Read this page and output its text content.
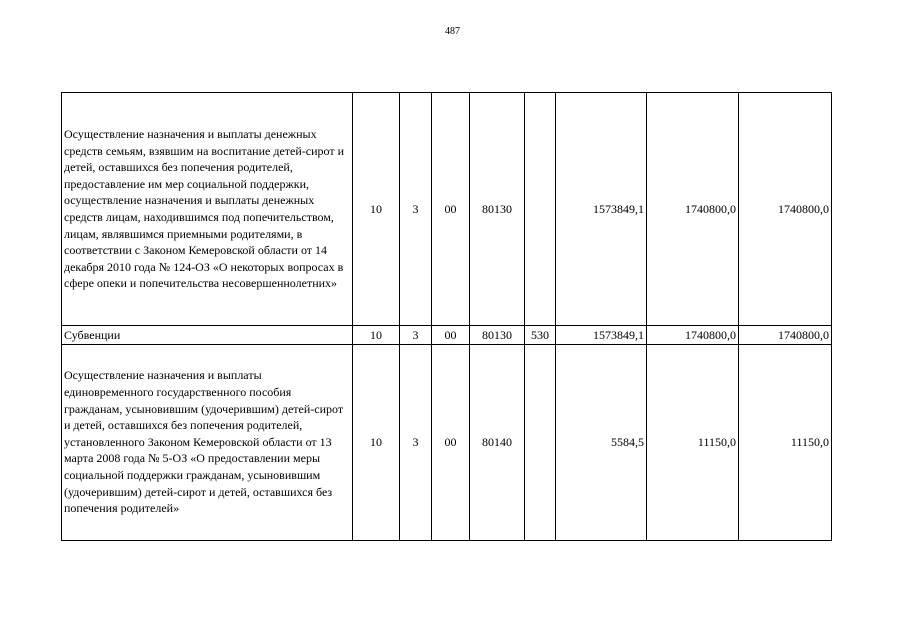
487
Осуществление назначения и выплаты денежных средств семьям, взявшим на воспитание детей-сирот и детей, оставшихся без попечения родителей, предоставление им мер социальной поддержки, осуществление назначения и выплаты денежных средств лицам, находившимся под попечительством, лицам, являвшимся приемными родителями, в соответствии с Законом Кемеровской области от 14 декабря 2010 года № 124-ОЗ «О некоторых вопросах в сфере опеки и попечительства несовершеннолетних»	10	3	00	80130		1573849,1	1740800,0	1740800,0
Субвенции	10	3	00	80130	530	1573849,1	1740800,0	1740800,0
Осуществление назначения и выплаты единовременного государственного пособия гражданам, усыновившим (удочерившим) детей-сирот и детей, оставшихся без попечения родителей, установленного Законом Кемеровской области от 13 марта 2008 года № 5-ОЗ «О предоставлении меры социальной поддержки гражданам, усыновившим (удочерившим) детей-сирот и детей, оставшихся без попечения родителей»	10	3	00	80140		5584,5	11150,0	11150,0
